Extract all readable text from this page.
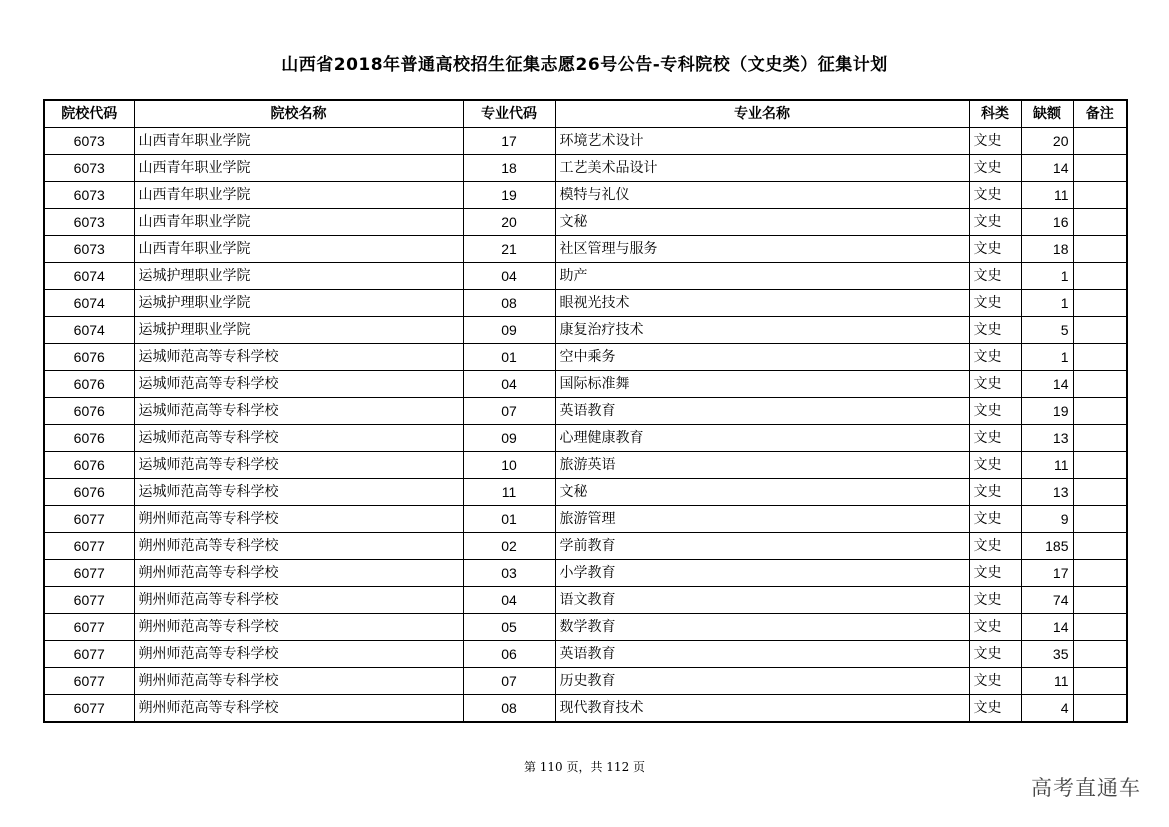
山西省2018年普通高校招生征集志愿26号公告-专科院校（文史类）征集计划
院校代码	院校名称	专业代码	专业名称	科类	缺额	备注
6073	山西青年职业学院	17	环境艺术设计	文史	20	
6073	山西青年职业学院	18	工艺美术品设计	文史	14	
6073	山西青年职业学院	19	模特与礼仪	文史	11	
6073	山西青年职业学院	20	文秘	文史	16	
6073	山西青年职业学院	21	社区管理与服务	文史	18	
6074	运城护理职业学院	04	助产	文史	1	
6074	运城护理职业学院	08	眼视光技术	文史	1	
6074	运城护理职业学院	09	康复治疗技术	文史	5	
6076	运城师范高等专科学校	01	空中乘务	文史	1	
6076	运城师范高等专科学校	04	国际标准舞	文史	14	
6076	运城师范高等专科学校	07	英语教育	文史	19	
6076	运城师范高等专科学校	09	心理健康教育	文史	13	
6076	运城师范高等专科学校	10	旅游英语	文史	11	
6076	运城师范高等专科学校	11	文秘	文史	13	
6077	朔州师范高等专科学校	01	旅游管理	文史	9	
6077	朔州师范高等专科学校	02	学前教育	文史	185	
6077	朔州师范高等专科学校	03	小学教育	文史	17	
6077	朔州师范高等专科学校	04	语文教育	文史	74	
6077	朔州师范高等专科学校	05	数学教育	文史	14	
6077	朔州师范高等专科学校	06	英语教育	文史	35	
6077	朔州师范高等专科学校	07	历史教育	文史	11	
6077	朔州师范高等专科学校	08	现代教育技术	文史	4	
第 110 页，共 112 页
高考直通车
